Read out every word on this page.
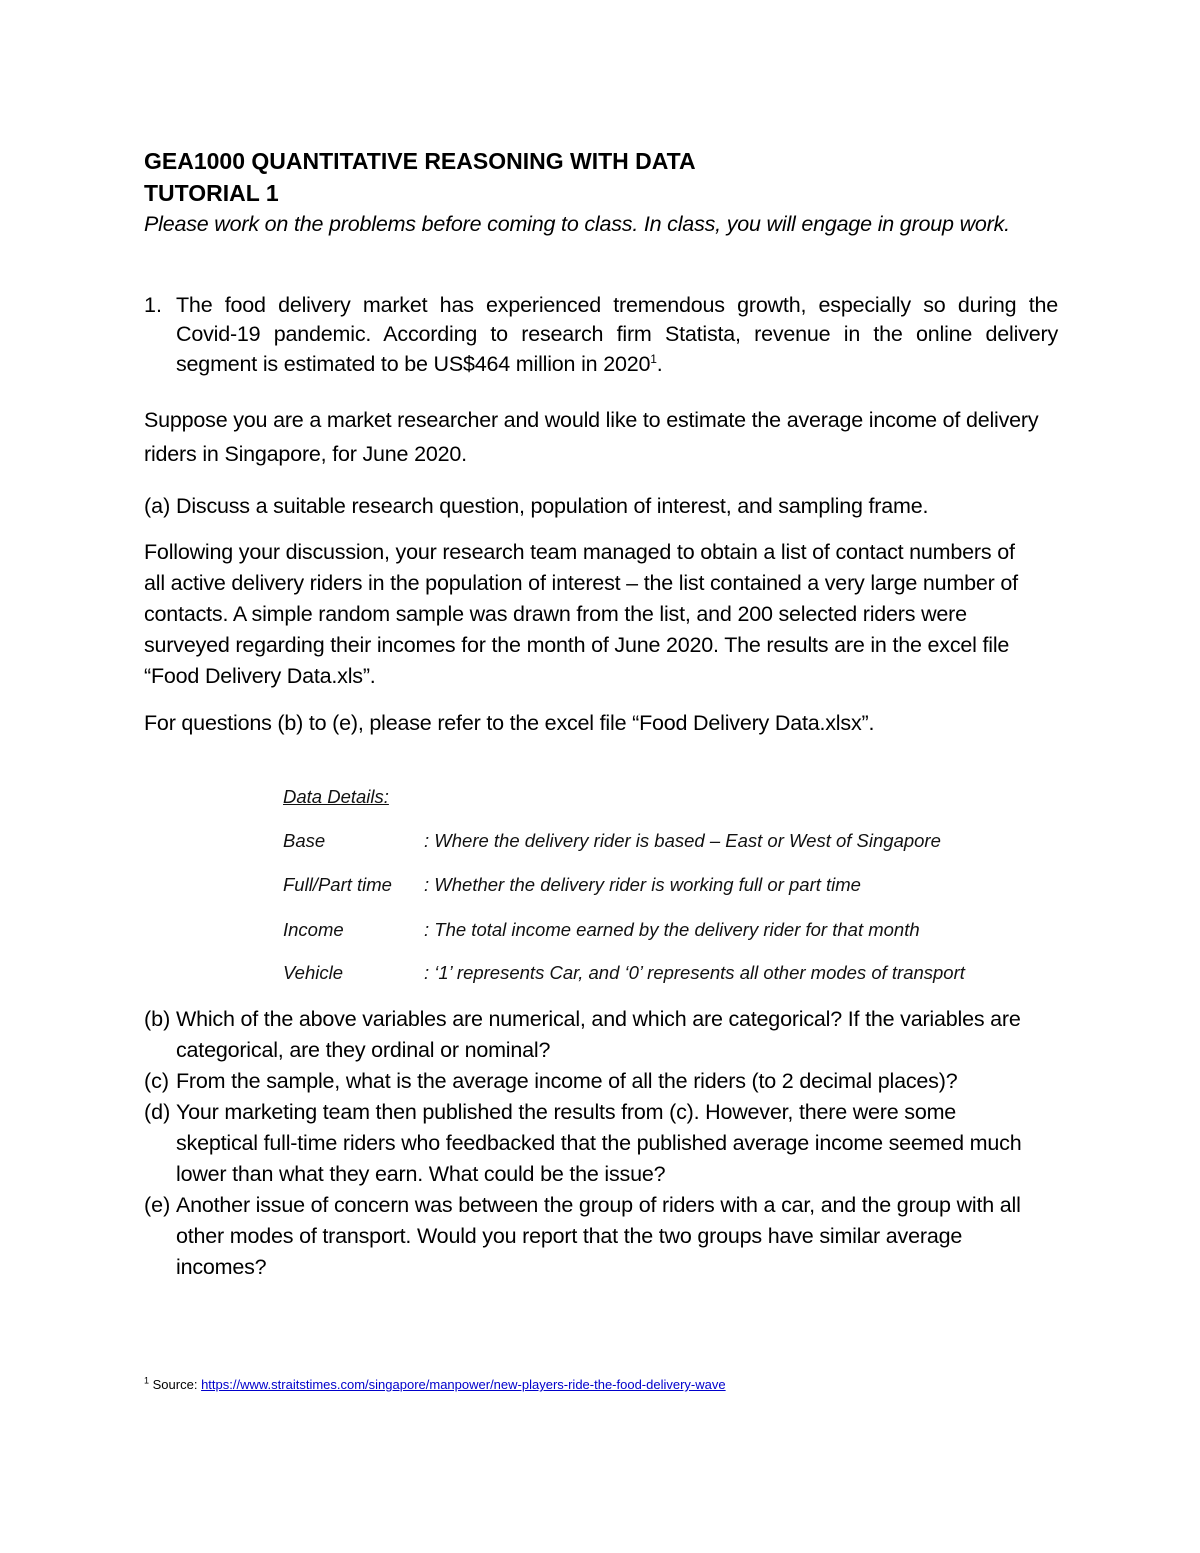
GEA1000 QUANTITATIVE REASONING WITH DATA
TUTORIAL 1
Please work on the problems before coming to class. In class, you will engage in group work.
1. The food delivery market has experienced tremendous growth, especially so during the
Covid-19 pandemic. According to research firm Statista, revenue in the online delivery
segment is estimated to be US$464 million in 2020$^1$.
Suppose you are a market researcher and would like to estimate the average income of delivery
riders in Singapore, for June 2020.
(a) Discuss a suitable research question, population of interest, and sampling frame.
Following your discussion, your research team managed to obtain a list of contact numbers of
all active delivery riders in the population of interest – the list contained a very large number of
contacts. A simple random sample was drawn from the list, and 200 selected riders were
surveyed regarding their incomes for the month of June 2020. The results are in the excel file
“Food Delivery Data.xls”.
For questions (b) to (e), please refer to the excel file “Food Delivery Data.xlsx”.
Data Details:
Base	: Where the delivery rider is based – East or West of Singapore
Full/Part time : Whether the delivery rider is working full or part time
Income	: The total income earned by the delivery rider for that month
Vehicle	: ‘1’ represents Car, and ‘0’ represents all other modes of transport
(b) Which of the above variables are numerical, and which are categorical? If the variables are
categorical, are they ordinal or nominal?
(c) From the sample, what is the average income of all the riders (to 2 decimal places)?
(d) Your marketing team then published the results from (c). However, there were some
skeptical full-time riders who feedbacked that the published average income seemed much
lower than what they earn. What could be the issue?
(e) Another issue of concern was between the group of riders with a car, and the group with all
other modes of transport. Would you report that the two groups have similar average
incomes?
$^1$ Source: https://www.straitstimes.com/singapore/manpower/new-players-ride-the-food-delivery-wave
